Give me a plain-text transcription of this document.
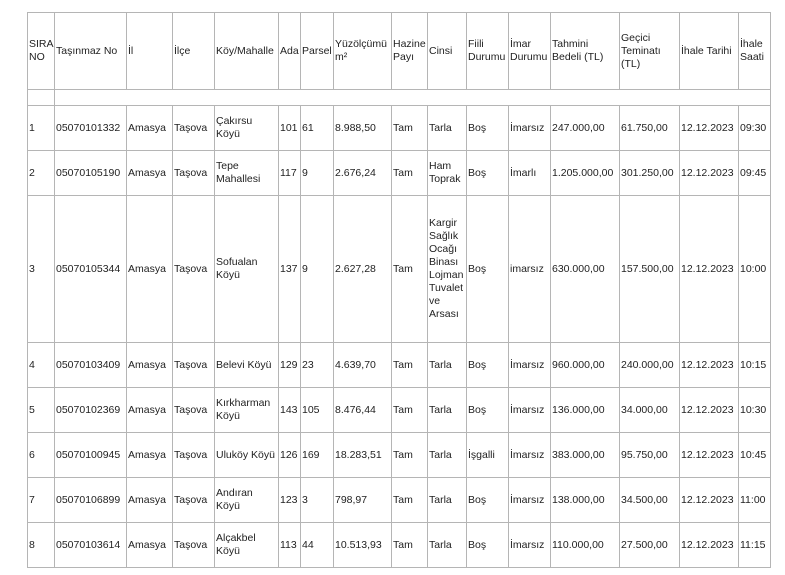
SIRA NO	Taşınmaz No	İl	İlçe	Köy/Mahalle	Ada	Parsel	Yüzölçümü m²	Hazine Payı	Cinsi	Fiili Durumu	İmar Durumu	Tahmini Bedeli (TL)	Geçici Teminatı (TL)	İhale Tarihi	İhale Saati
1	05070101332	Amasya	Taşova	Çakırsu Köyü	101	61	8.988,50	Tam	Tarla	Boş	İmarsız	247.000,00	61.750,00	12.12.2023	09:30
2	05070105190	Amasya	Taşova	Tepe Mahallesi	117	9	2.676,24	Tam	Ham Toprak	Boş	İmarlı	1.205.000,00	301.250,00	12.12.2023	09:45
3	05070105344	Amasya	Taşova	Sofualan Köyü	137	9	2.627,28	Tam	Kargir Sağlık Ocağı Binası Lojman Tuvalet ve Arsası	Boş	imarsız	630.000,00	157.500,00	12.12.2023	10:00
4	05070103409	Amasya	Taşova	Belevi Köyü	129	23	4.639,70	Tam	Tarla	Boş	İmarsız	960.000,00	240.000,00	12.12.2023	10:15
5	05070102369	Amasya	Taşova	Kırkharman Köyü	143	105	8.476,44	Tam	Tarla	Boş	İmarsız	136.000,00	34.000,00	12.12.2023	10:30
6	05070100945	Amasya	Taşova	Uluköy Köyü	126	169	18.283,51	Tam	Tarla	İşgalli	İmarsız	383.000,00	95.750,00	12.12.2023	10:45
7	05070106899	Amasya	Taşova	Andıran Köyü	123	3	798,97	Tam	Tarla	Boş	İmarsız	138.000,00	34.500,00	12.12.2023	11:00
8	05070103614	Amasya	Taşova	Alçakbel Köyü	113	44	10.513,93	Tam	Tarla	Boş	İmarsız	110.000,00	27.500,00	12.12.2023	11:15
